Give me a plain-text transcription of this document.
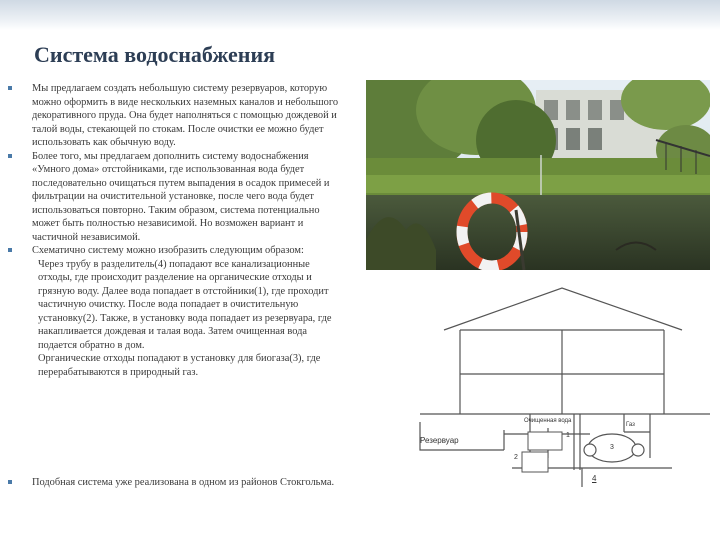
Система водоснабжения

Мы предлагаем создать небольшую систему резервуаров, которую можно оформить в виде нескольких наземных каналов и небольшого декоративного пруда. Она будет наполняться с помощью дождевой и талой воды, стекающей по стокам. После очистки ее можно будет использовать как обычную воду.

Более того, мы предлагаем дополнить систему водоснабжения «Умного дома» отстойниками, где использованная вода будет последовательно очищаться путем выпадения в осадок примесей и фильтрации на очистительной установке, после чего вода будет использоваться повторно. Таким образом, система потенциально может быть полностью независимой. Но возможен вариант и частичной независимой.

Схематично систему можно изобразить следующим образом:

Через трубу в разделитель(4) попадают все канализационные отходы, где происходит разделение на органические отходы и грязную воду. Далее вода попадает в отстойники(1), где проходит частичную очистку. После вода попадает в очистительную установку(2). Также, в установку вода попадает из резервуара, где накапливается дождевая и талая вода. Затем очищенная вода подается обратно в дом.

Органические отходы попадают в установку для биогаза(3), где перерабатываются в природный газ.

Подобная система уже реализована в одном из районов Стокгольма.

Резервуар
Очищенная вода
Газ
1
2
3
4
